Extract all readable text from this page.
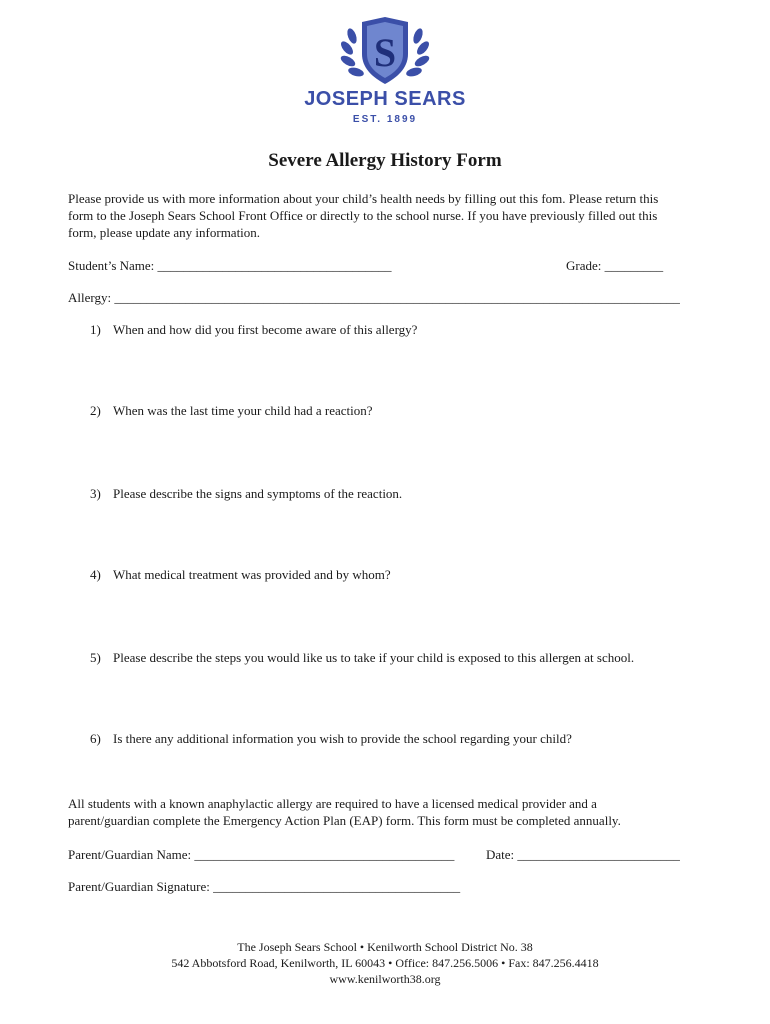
S
JOSEPH SEARS
EST. 1899
Severe Allergy History Form
Please provide us with more information about your child’s health needs by filling out this fom. Please return this
form to the Joseph Sears School Front Office or directly to the school nurse. If you have previously filled out this
form, please update any information.
Student’s Name: ____________________________________	Grade: _________
Allergy: _______________________________________________________________________________________
1) When and how did you first become aware of this allergy?
2) When was the last time your child had a reaction?
3) Please describe the signs and symptoms of the reaction.
4) What medical treatment was provided and by whom?
5) Please describe the steps you would like us to take if your child is exposed to this allergen at school.
6) Is there any additional information you wish to provide the school regarding your child?
All students with a known anaphylactic allergy are required to have a licensed medical provider and a
parent/guardian complete the Emergency Action Plan (EAP) form. This form must be completed annually.
Parent/Guardian Name: ________________________________________ Date: _________________________
Parent/Guardian Signature: ______________________________________
The Joseph Sears School • Kenilworth School District No. 38
542 Abbotsford Road, Kenilworth, IL 60043 • Office: 847.256.5006 • Fax: 847.256.4418
www.kenilworth38.org
